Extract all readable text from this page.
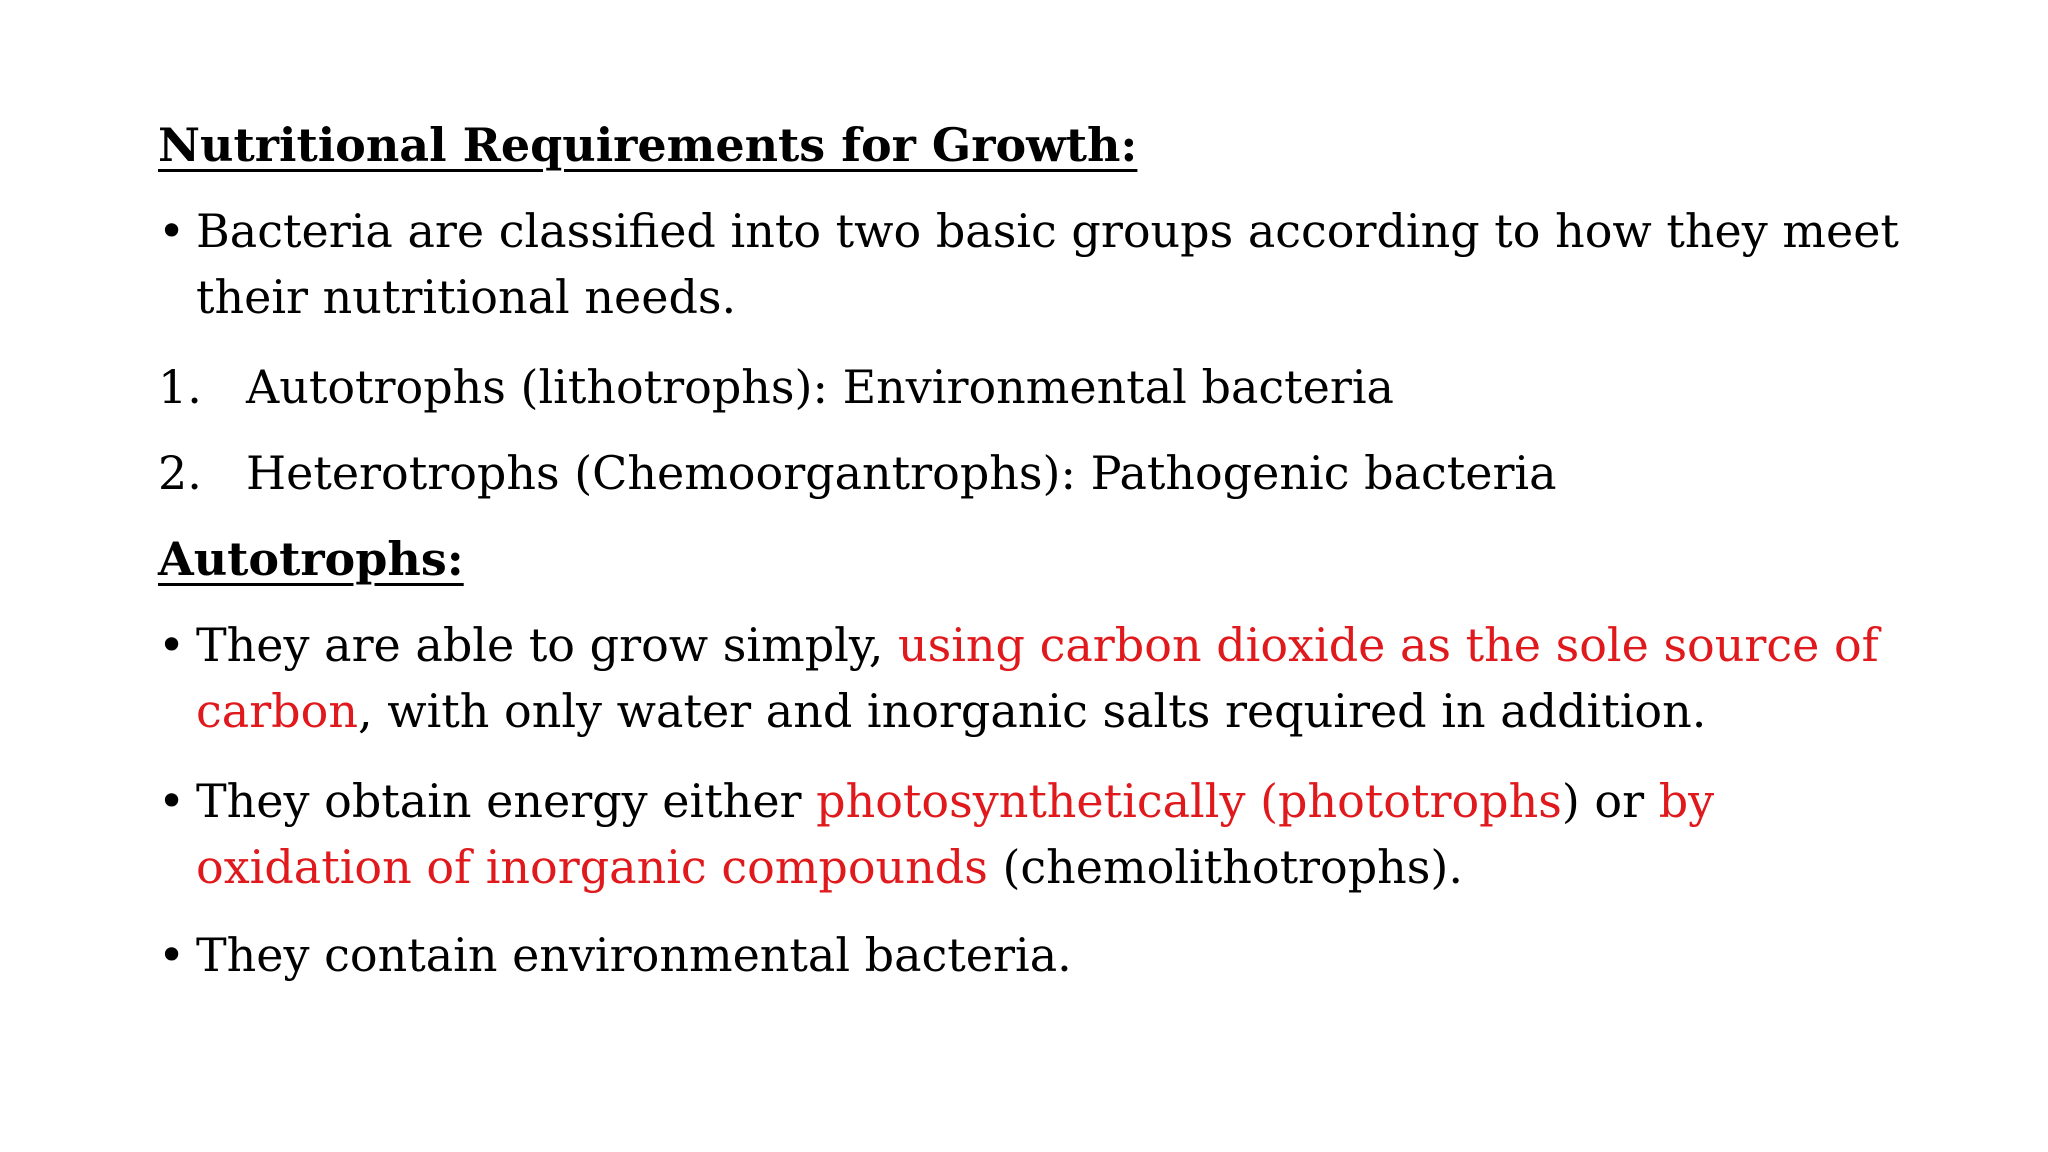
Nutritional Requirements for Growth:
• Bacteria are classified into two basic groups according to how they meet their nutritional needs.
1. Autotrophs (lithotrophs): Environmental bacteria
2. Heterotrophs (Chemoorgantrophs): Pathogenic bacteria
Autotrophs:
• They are able to grow simply, using carbon dioxide as the sole source of carbon, with only water and inorganic salts required in addition.
• They obtain energy either photosynthetically (phototrophs) or by oxidation of inorganic compounds (chemolithotrophs).
• They contain environmental bacteria.
